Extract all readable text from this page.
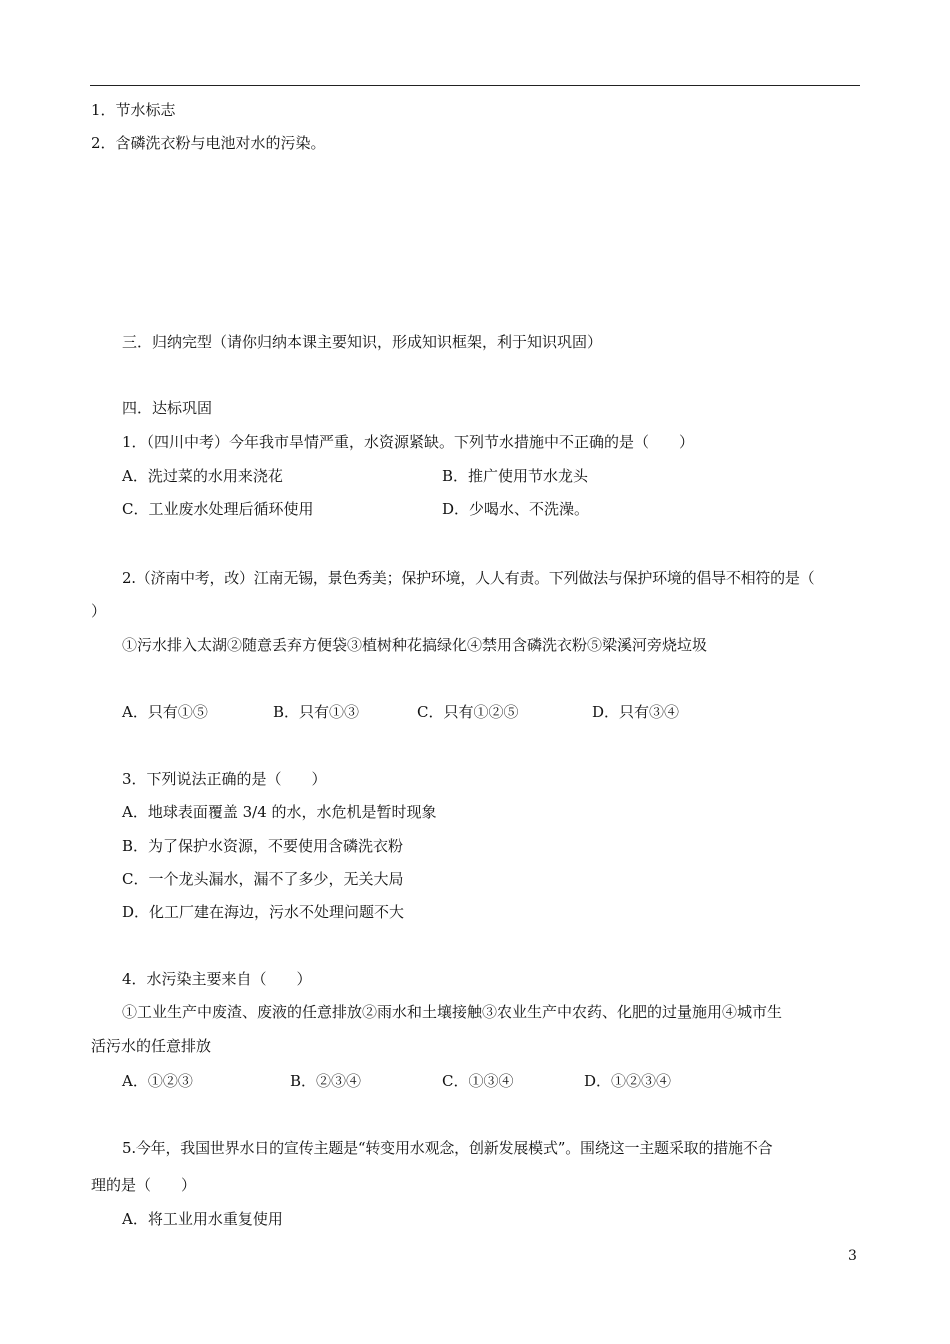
1．节水标志
2．含磷洗衣粉与电池对水的污染。
三．归纳完型（请你归纳本课主要知识，形成知识框架，利于知识巩固）
四．达标巩固
1．（四川中考）今年我市旱情严重，水资源紧缺。下列节水措施中不正确的是（　　）
A．洗过菜的水用来浇花	B．推广使用节水龙头
C．工业废水处理后循环使用	D．少喝水、不洗澡。
2.（济南中考，改）江南无锡，景色秀美；保护环境，人人有责。下列做法与保护环境的倡导不相符的是（
）
①污水排入太湖②随意丢弃方便袋③植树种花搞绿化④禁用含磷洗衣粉⑤梁溪河旁烧垃圾
A．只有①⑤	B．只有①③	C．只有①②⑤	D．只有③④
3．下列说法正确的是（　　）
A．地球表面覆盖 3/4 的水，水危机是暂时现象
B．为了保护水资源，不要使用含磷洗衣粉
C．一个龙头漏水，漏不了多少，无关大局
D．化工厂建在海边，污水不处理问题不大
4．水污染主要来自（　　）
①工业生产中废渣、废液的任意排放②雨水和土壤接触③农业生产中农药、化肥的过量施用④城市生
活污水的任意排放
A．①②③	B．②③④	C．①③④	D．①②③④
5.今年，我国世界水日的宣传主题是“转变用水观念，创新发展模式”。围绕这一主题采取的措施不合
理的是（　　）
A．将工业用水重复使用
3
